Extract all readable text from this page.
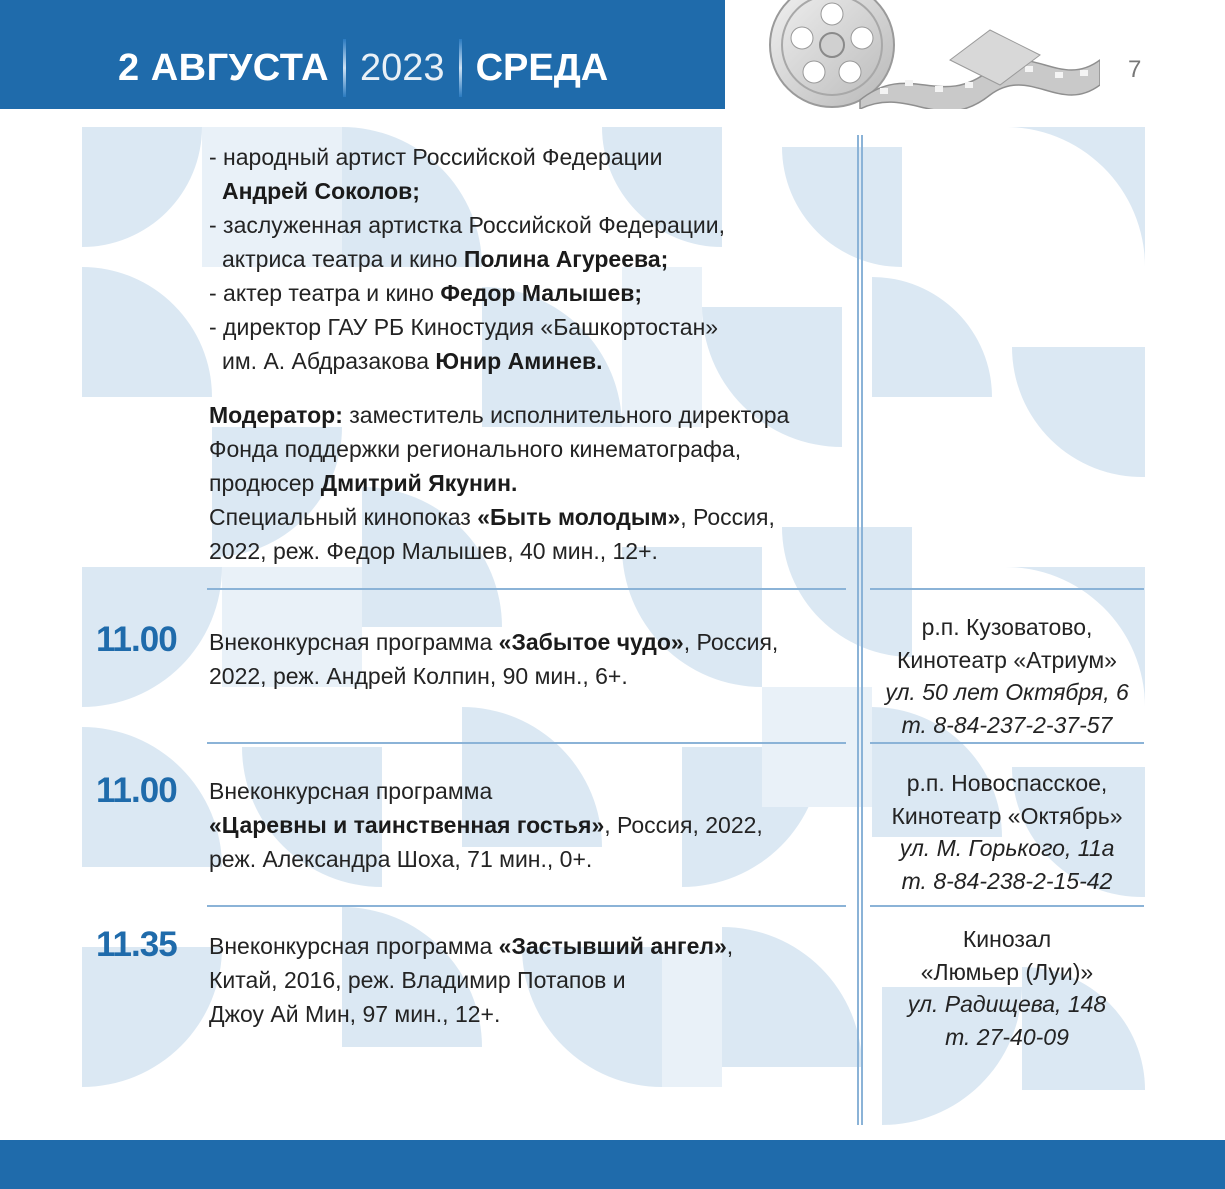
2 АВГУСТА 2023 СРЕДА	7
- народный артист Российской Федерации
Андрей Соколов;
- заслуженная артистка Российской Федерации,
актриса театра и кино Полина Агуреева;
- актер театра и кино Федор Малышев;
- директор ГАУ РБ Киностудия «Башкортостан»
им. А. Абдразакова Юнир Аминев.
Модератор: заместитель исполнительного директора
Фонда поддержки регионального кинематографа,
продюсер Дмитрий Якунин.
Специальный кинопоказ «Быть молодым», Россия,
2022, реж. Федор Малышев, 40 мин., 12+.
11.00 Внеконкурсная программа «Забытое чудо», Россия,
2022, реж. Андрей Колпин, 90 мин., 6+.
р.п. Кузоватово,
Кинотеатр «Атриум»
ул. 50 лет Октября, 6
т. 8-84-237-2-37-57
11.00 Внеконкурсная программа
«Царевны и таинственная гостья», Россия, 2022,
реж. Александра Шоха, 71 мин., 0+.
р.п. Новоспасское,
Кинотеатр «Октябрь»
ул. М. Горького, 11а
т. 8-84-238-2-15-42
11.35 Внеконкурсная программа «Застывший ангел»,
Китай, 2016, реж. Владимир Потапов и
Джоу Ай Мин, 97 мин., 12+.
Кинозал
«Люмьер (Луи)»
ул. Радищева, 148
т. 27-40-09
